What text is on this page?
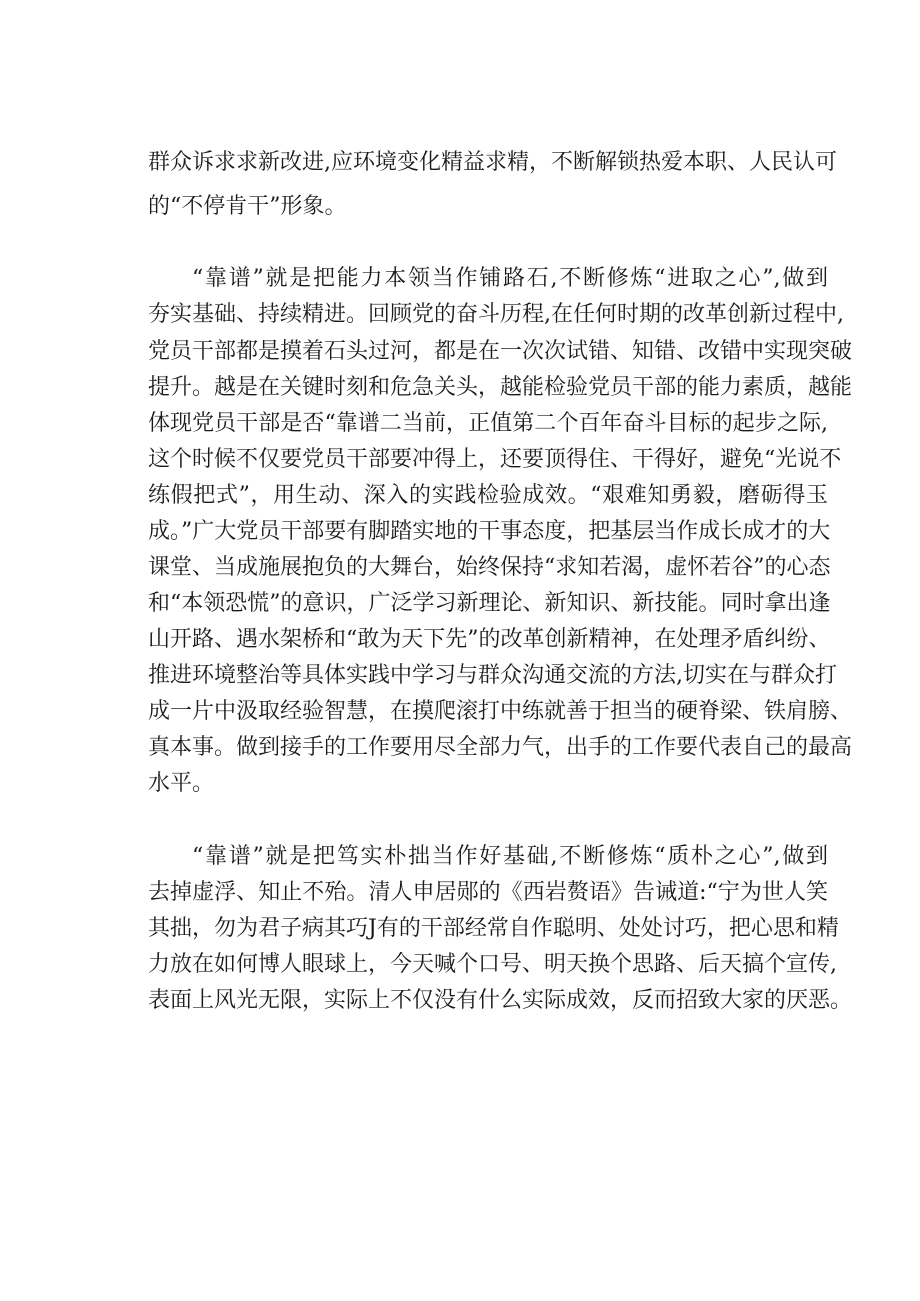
群众诉求求新改进,应环境变化精益求精，不断解锁热爱本职、人民认可
的“不停肯干”形象。
“靠谱”就是把能力本领当作铺路石,不断修炼“进取之心”,做到
夯实基础、持续精进。回顾党的奋斗历程,在任何时期的改革创新过程中,
党员干部都是摸着石头过河，都是在一次次试错、知错、改错中实现突破
提升。越是在关键时刻和危急关头，越能检验党员干部的能力素质，越能
体现党员干部是否“靠谱二当前，正值第二个百年奋斗目标的起步之际,
这个时候不仅要党员干部要冲得上，还要顶得住、干得好，避免“光说不
练假把式”，用生动、深入的实践检验成效。“艰难知勇毅，磨砺得玉
成。”广大党员干部要有脚踏实地的干事态度，把基层当作成长成才的大
课堂、当成施展抱负的大舞台，始终保持“求知若渴，虚怀若谷”的心态
和“本领恐慌”的意识，广泛学习新理论、新知识、新技能。同时拿出逢
山开路、遇水架桥和“敢为天下先”的改革创新精神，在处理矛盾纠纷、
推进环境整治等具体实践中学习与群众沟通交流的方法,切实在与群众打
成一片中汲取经验智慧，在摸爬滚打中练就善于担当的硬脊梁、铁肩膀、
真本事。做到接手的工作要用尽全部力气，出手的工作要代表自己的最高
水平。
“靠谱”就是把笃实朴拙当作好基础,不断修炼“质朴之心”,做到
去掉虚浮、知止不殆。清人申居郧的《西岩赘语》告诫道:“宁为世人笑
其拙，勿为君子病其巧J有的干部经常自作聪明、处处讨巧，把心思和精
力放在如何博人眼球上，今天喊个口号、明天换个思路、后天搞个宣传,
表面上风光无限，实际上不仅没有什么实际成效，反而招致大家的厌恶。
